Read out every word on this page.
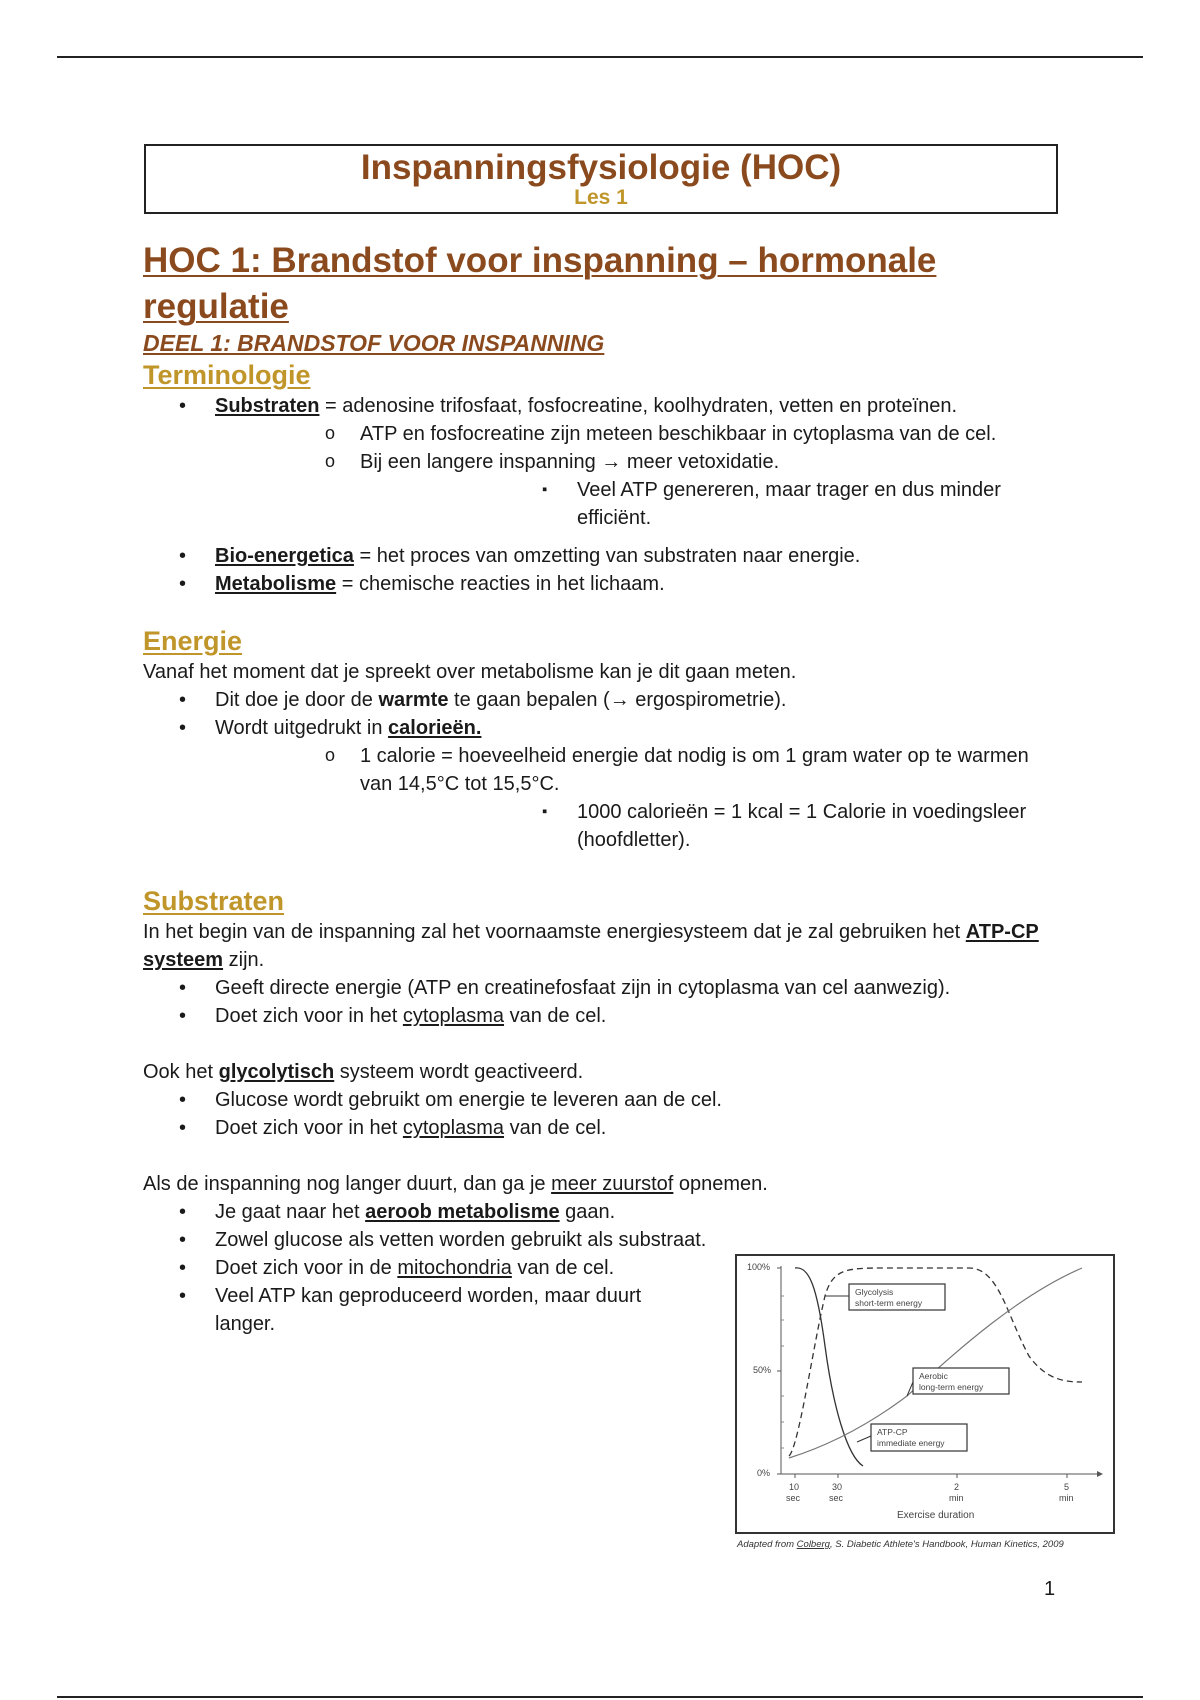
Inspanningsfysiologie (HOC)
Les 1
HOC 1: Brandstof voor inspanning – hormonale regulatie
DEEL 1: BRANDSTOF VOOR INSPANNING
Terminologie
• Substraten = adenosine trifosfaat, fosfocreatine, koolhydraten, vetten en proteïnen.
o ATP en fosfocreatine zijn meteen beschikbaar in cytoplasma van de cel.
o Bij een langere inspanning → meer vetoxidatie.
▪ Veel ATP genereren, maar trager en dus minder efficiënt.
• Bio-energetica = het proces van omzetting van substraten naar energie.
• Metabolisme = chemische reacties in het lichaam.
Energie

Vanaf het moment dat je spreekt over metabolisme kan je dit gaan meten.

• Dit doe je door de warmte te gaan bepalen (→ ergospirometrie).
• Wordt uitgedrukt in calorieën.
o 1 calorie = hoeveelheid energie dat nodig is om 1 gram water op te warmen van 14,5°C tot 15,5°C.
▪ 1000 calorieën = 1 kcal = 1 Calorie in voedingsleer (hoofdletter).
Substraten

In het begin van de inspanning zal het voornaamste energiesysteem dat je zal gebruiken het ATP-CP systeem zijn.

• Geeft directe energie (ATP en creatinefosfaat zijn in cytoplasma van cel aanwezig).
• Doet zich voor in het cytoplasma van de cel.

Ook het glycolytisch systeem wordt geactiveerd.

• Glucose wordt gebruikt om energie te leveren aan de cel.
• Doet zich voor in het cytoplasma van de cel.

Als de inspanning nog langer duurt, dan ga je meer zuurstof opnemen.

• Je gaat naar het aeroob metabolisme gaan.
• Zowel glucose als vetten worden gebruikt als substraat.
• Doet zich voor in de mitochondria van de cel.
• Veel ATP kan geproduceerd worden, maar duurt langer.
100%
50%
0%
10
sec
30
sec
2
min
5
min
Exercise duration
Glycolysis
short-term energy
Aerobic
long-term energy
ATP-CP
immediate energy
Adapted from Colberg, S. Diabetic Athlete's Handbook, Human Kinetics, 2009
1
